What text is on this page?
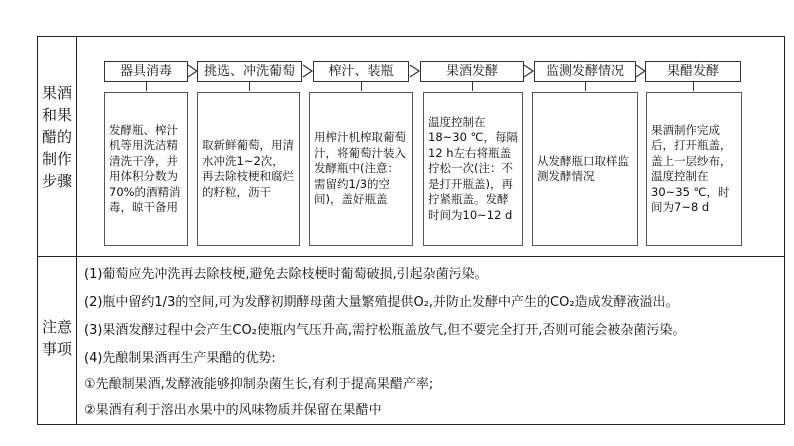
果酒和果醋的制作步骤
注意事项
器具消毒	挑选、冲洗葡萄	榨汁、装瓶	果酒发酵	监测发酵情况	果醋发酵
发酵瓶、榨汁机等用洗洁精清洗干净，并用体积分数为70%的酒精消毒，晾干备用
取新鲜葡萄，用清水冲洗1~2次，再去除枝梗和腐烂的籽粒，沥干
用榨汁机榨取葡萄汁，将葡萄汁装入发酵瓶中(注意：需留约1/3的空间)，盖好瓶盖
温度控制在18~30 ℃，每隔12 h左右将瓶盖拧松一次(注：不是打开瓶盖)，再拧紧瓶盖。发酵时间为10~12 d
从发酵瓶口取样监测发酵情况
果酒制作完成后，打开瓶盖，盖上一层纱布，温度控制在30~35 ℃，时间为7~8 d
(1)葡萄应先冲洗再去除枝梗,避免去除枝梗时葡萄破损,引起杂菌污染。
(2)瓶中留约1/3的空间,可为发酵初期酵母菌大量繁殖提供O₂,并防止发酵中产生的CO₂造成发酵液溢出。
(3)果酒发酵过程中会产生CO₂使瓶内气压升高,需拧松瓶盖放气,但不要完全打开,否则可能会被杂菌污染。
(4)先酿制果酒再生产果醋的优势:
①先酿制果酒,发酵液能够抑制杂菌生长,有利于提高果醋产率;
②果酒有利于溶出水果中的风味物质并保留在果醋中
